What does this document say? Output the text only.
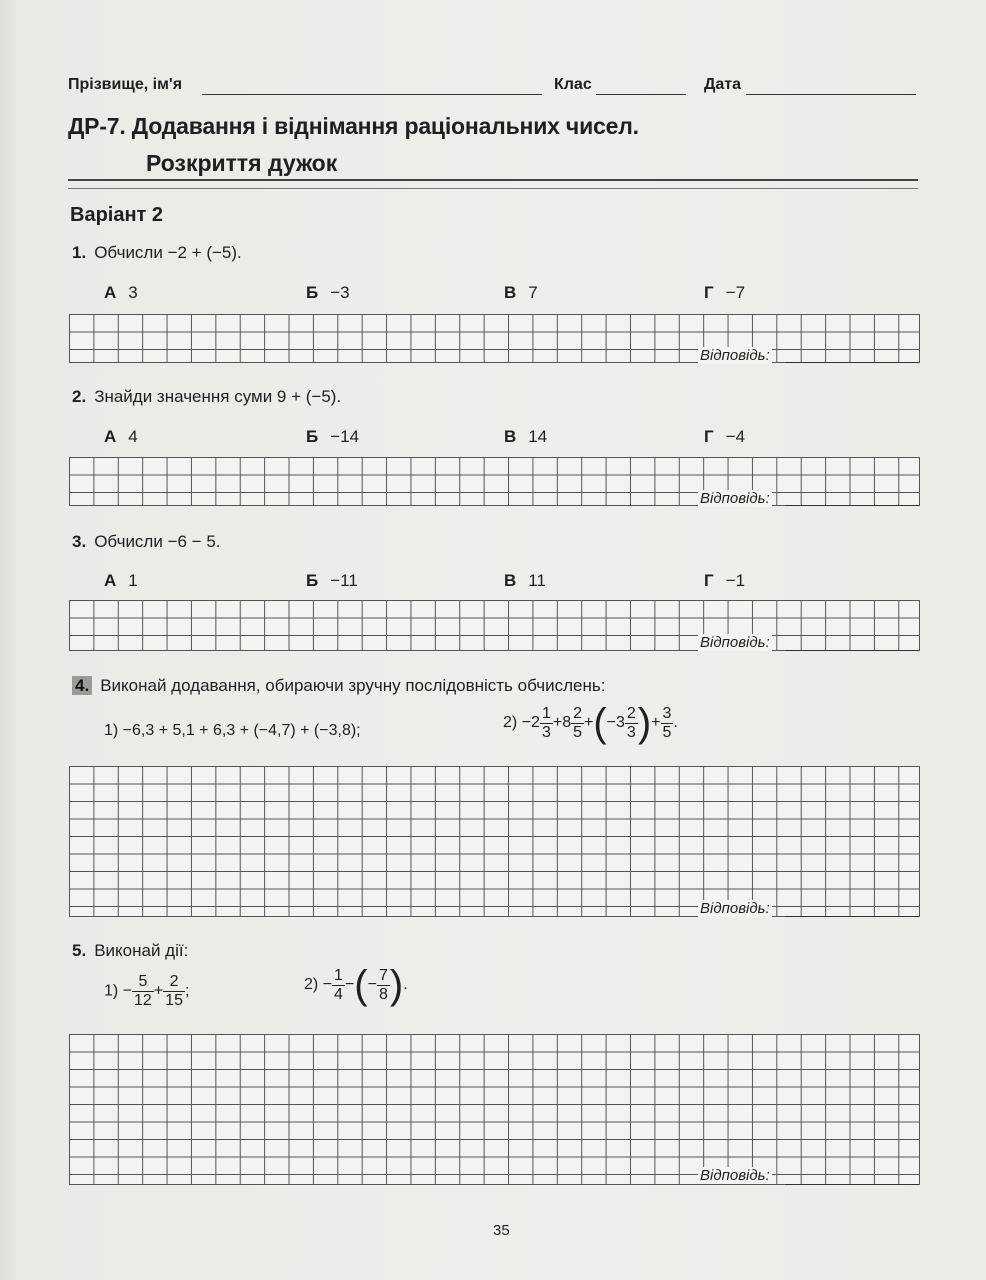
Прізвище, ім'я	Клас	Дата
ДР-7. Додавання і віднімання раціональних чисел.
Розкриття дужок
Варіант 2
1. Обчисли −2 + (−5).
А 3	Б −3	В 7	Г −7
Відповідь:
2. Знайди значення суми 9 + (−5).
А 4	Б −14	В 14	Г −4
Відповідь:
3. Обчисли −6 − 5.
А 1	Б −11	В 11	Г −1
Відповідь:
4. Виконай додавання, обираючи зручну послідовність обчислень:
1) −6,3 + 5,1 + 6,3 + (−4,7) + (−3,8);	$2) -2 \frac{1}{3} +8 \frac{2}{5} +(-3 \frac{2}{3}$ )+ $\frac{3}{5}$ .
Відповідь:
5. Виконай дії:
$1) - \frac{5}{12} + \frac{2}{15}$ ;	$2) - \frac{1}{4}$ −(− $\frac{7}{8}$ ).
Відповідь:
35
